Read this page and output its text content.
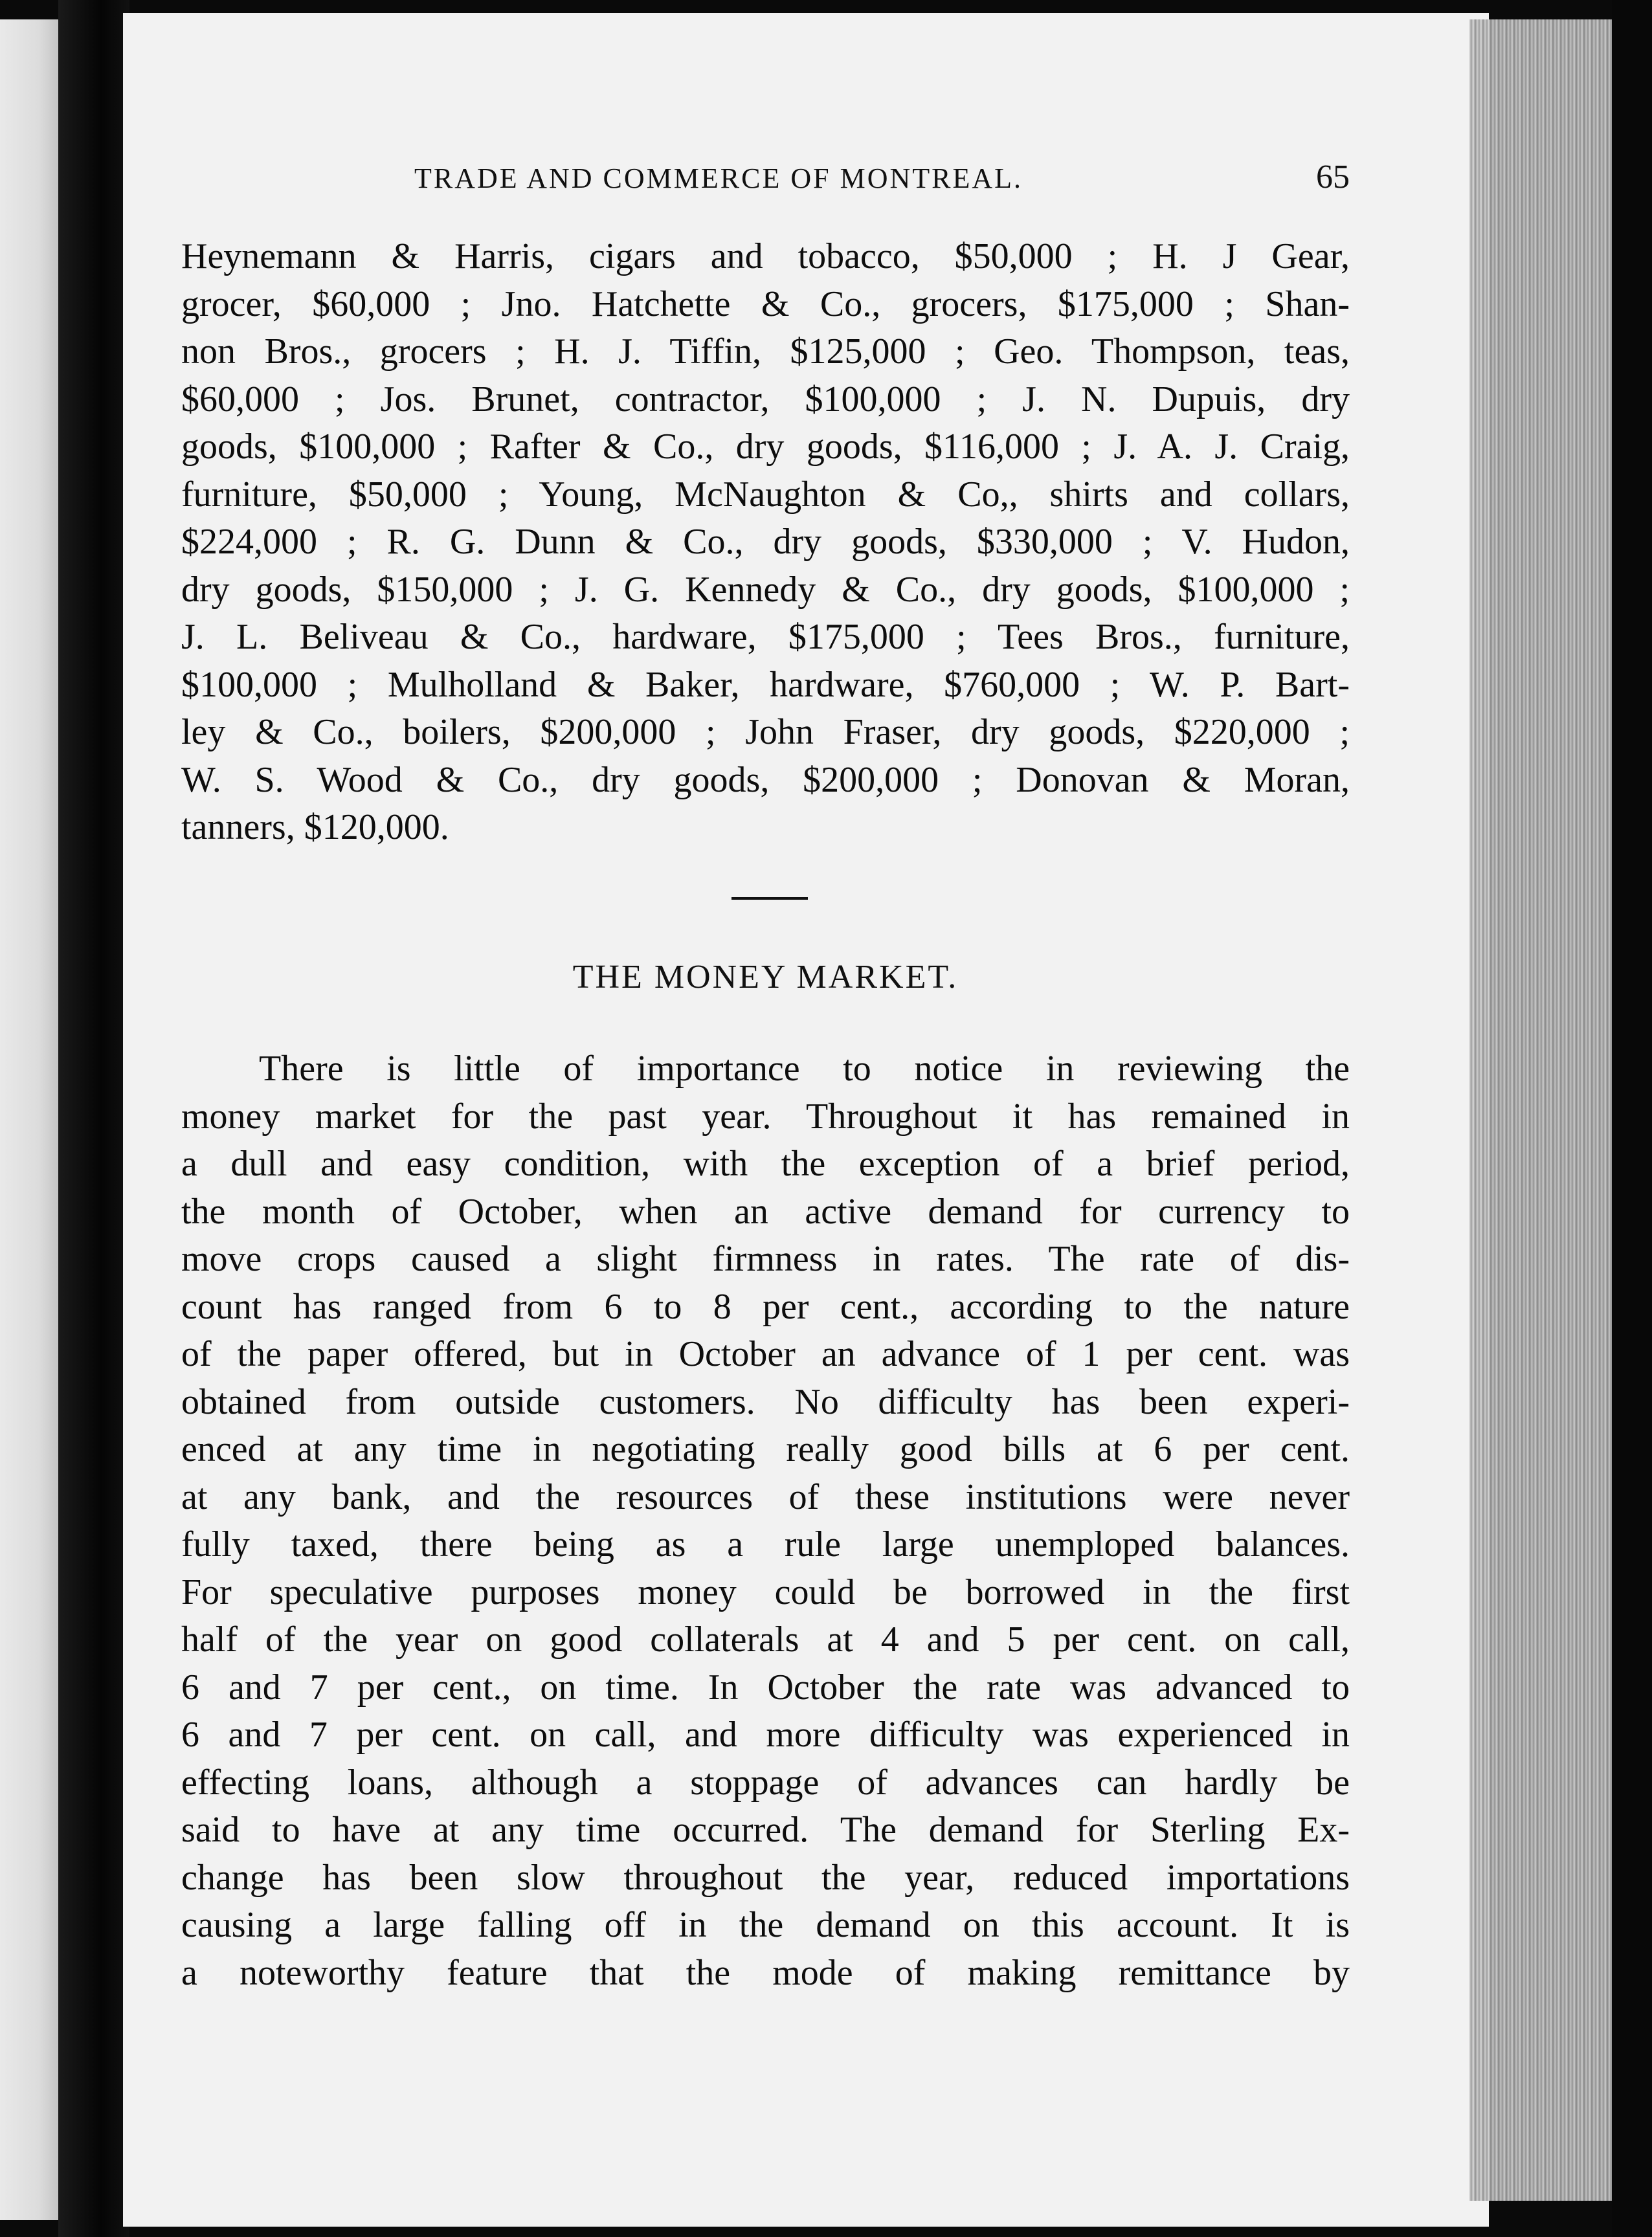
TRADE AND COMMERCE OF MONTREAL.	65
Heynemann & Harris, cigars and tobacco, $50,000 ; H. J Gear,
grocer, $60,000 ; Jno. Hatchette & Co., grocers, $175,000 ; Shan-
non Bros., grocers ; H. J. Tiffin, $125,000 ; Geo. Thompson, teas,
$60,000 ; Jos. Brunet, contractor, $100,000 ; J. N. Dupuis, dry
goods, $100,000 ; Rafter & Co., dry goods, $116,000 ; J. A. J. Craig,
furniture, $50,000 ; Young, McNaughton & Co,, shirts and collars,
$224,000 ; R. G. Dunn & Co., dry goods, $330,000 ; V. Hudon,
dry goods, $150,000 ; J. G. Kennedy & Co., dry goods, $100,000 ;
J. L. Beliveau & Co., hardware, $175,000 ; Tees Bros., furniture,
$100,000 ; Mulholland & Baker, hardware, $760,000 ; W. P. Bart-
ley & Co., boilers, $200,000 ; John Fraser, dry goods, $220,000 ;
W. S. Wood & Co., dry goods, $200,000 ; Donovan & Moran,
tanners, $120,000.
THE MONEY MARKET.
There is little of importance to notice in reviewing the
money market for the past year. Throughout it has remained in
a dull and easy condition, with the exception of a brief period,
the month of October, when an active demand for currency to
move crops caused a slight firmness in rates. The rate of dis-
count has ranged from 6 to 8 per cent., according to the nature
of the paper offered, but in October an advance of 1 per cent. was
obtained from outside customers. No difficulty has been experi-
enced at any time in negotiating really good bills at 6 per cent.
at any bank, and the resources of these institutions were never
fully taxed, there being as a rule large unemploped balances.
For speculative purposes money could be borrowed in the first
half of the year on good collaterals at 4 and 5 per cent. on call,
6 and 7 per cent., on time. In October the rate was advanced to
6 and 7 per cent. on call, and more difficulty was experienced in
effecting loans, although a stoppage of advances can hardly be
said to have at any time occurred. The demand for Sterling Ex-
change has been slow throughout the year, reduced importations
causing a large falling off in the demand on this account. It is
a noteworthy feature that the mode of making remittance by
